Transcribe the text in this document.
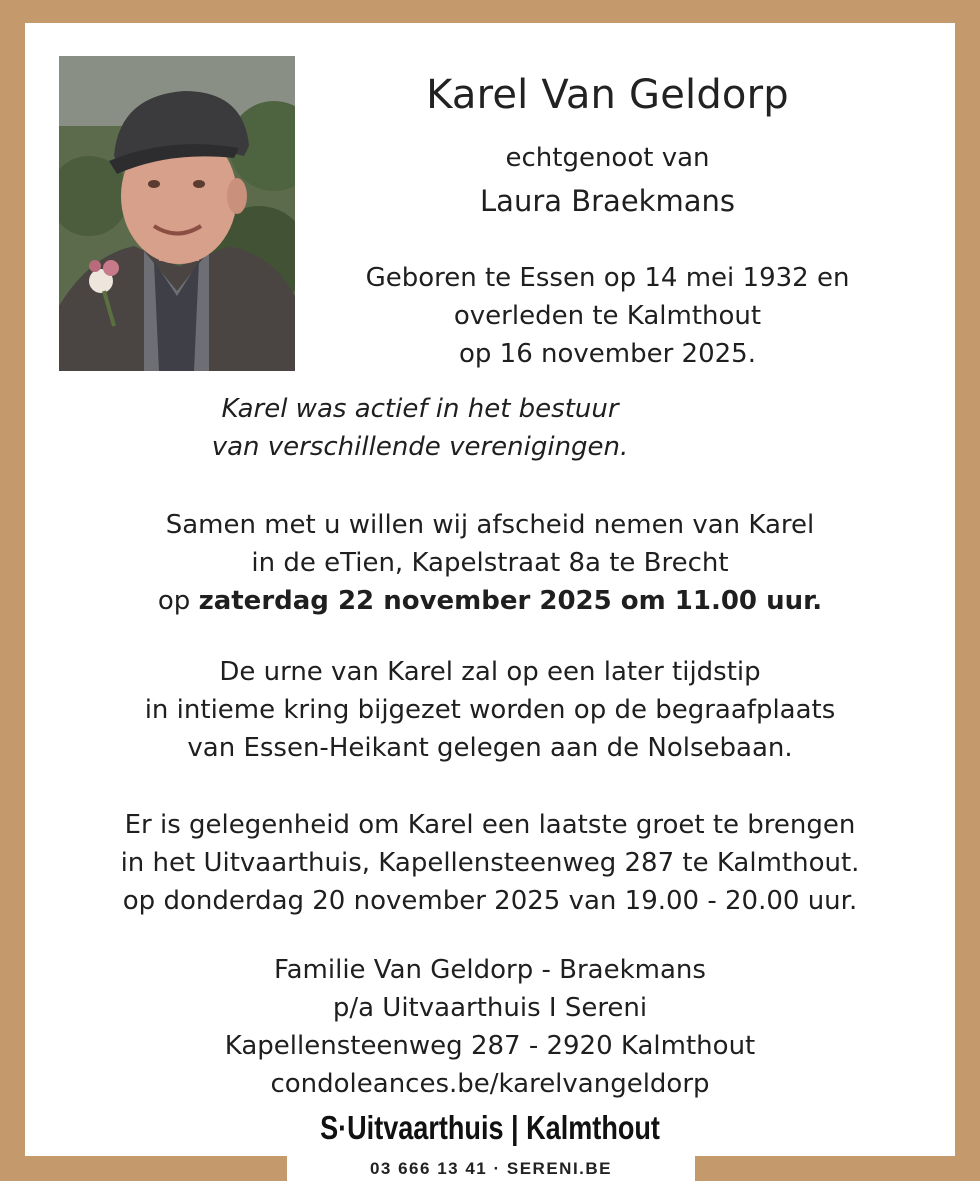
Karel Van Geldorp
echtgenoot van
Laura Braekmans
Geboren te Essen op 14 mei 1932 en
overleden te Kalmthout
op 16 november 2025.
Karel was actief in het bestuur
van verschillende verenigingen.
Samen met u willen wij afscheid nemen van Karel
in de eTien, Kapelstraat 8a te Brecht
op zaterdag 22 november 2025 om 11.00 uur.
De urne van Karel zal op een later tijdstip
in intieme kring bijgezet worden op de begraafplaats
van Essen-Heikant gelegen aan de Nolsebaan.
Er is gelegenheid om Karel een laatste groet te brengen
in het Uitvaarthuis, Kapellensteenweg 287 te Kalmthout.
op donderdag 20 november 2025 van 19.00 - 20.00 uur.
Familie Van Geldorp - Braekmans
p/a Uitvaarthuis I Sereni
Kapellensteenweg 287 - 2920 Kalmthout
condoleances.be/karelvangeldorp
S·Uitvaarthuis | Kalmthout
03 666 13 41 · SERENI.BE
